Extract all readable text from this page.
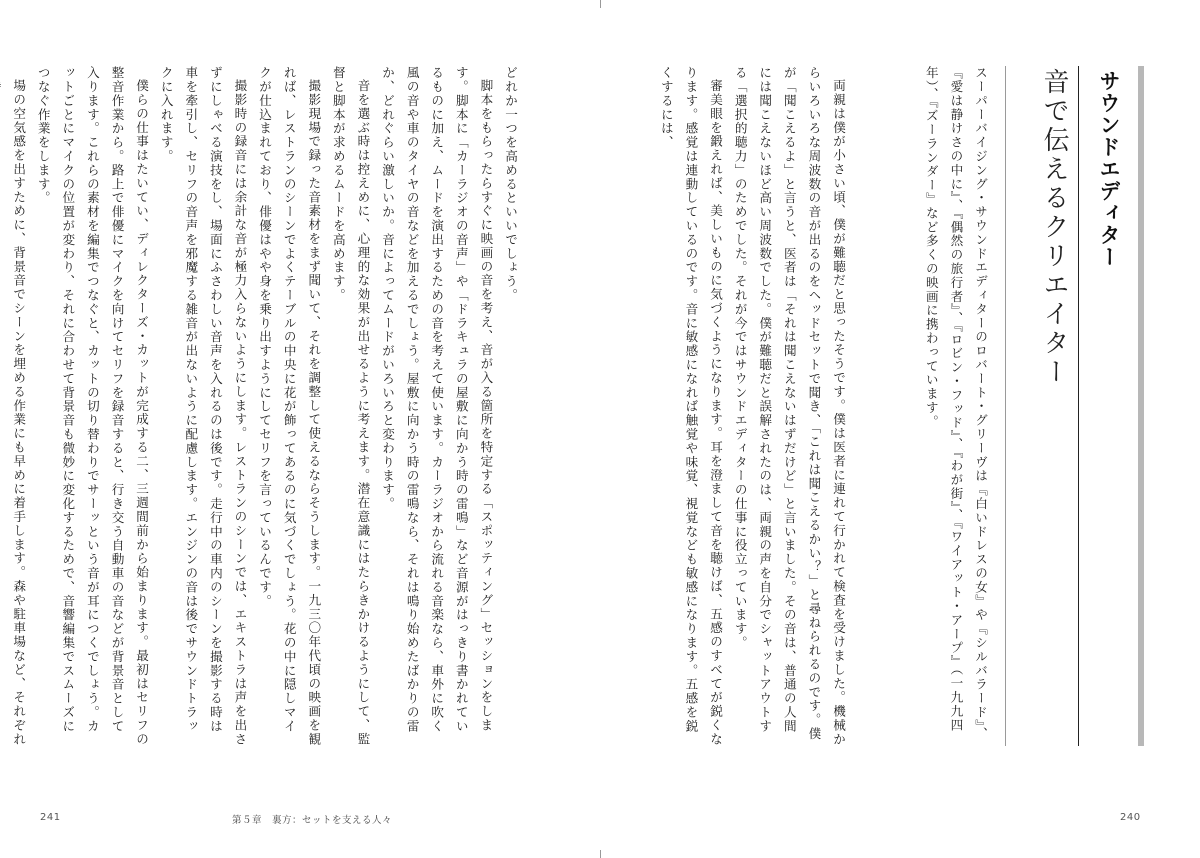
サウンドエディター
音で伝えるクリエイター

スーパーバイジング・サウンドエディターのロバート・グリーヴは『白いドレスの女』や『シルバラード』、『愛は静けさの中に』、『偶然の旅行者』、『ロビン・フッド』、『わが街』、『ワイアット・アープ』（一九九四年）、『ズーランダー』など多くの映画に携わっています。

両親は僕が小さい頃、僕が難聴だと思ったそうです。僕は医者に連れて行かれて検査を受けました。機械からいろいろな周波数の音が出るのをヘッドセットで聞き、「これは聞こえるかい？」と尋ねられるのです。僕が「聞こえるよ」と言うと、医者は「それは聞こえないはずだけど」と言いました。その音は、普通の人間には聞こえないほど高い周波数でした。僕が難聴だと誤解されたのは、両親の声を自分でシャットアウトする「選択的聴力」のためでした。それが今ではサウンドエディターの仕事に役立っています。

審美眼を鍛えれば、美しいものに気づくようになります。耳を澄まして音を聴けば、五感のすべてが鋭くなります。感覚は連動しているのです。音に敏感になれば触覚や味覚、視覚なども敏感になります。五感を鋭くするには、

どれか一つを高めるといいでしょう。

脚本をもらったらすぐに映画の音を考え、音が入る箇所を特定する「スポッティング」セッションをします。脚本に「カーラジオの音声」や「ドラキュラの屋敷に向かう時の雷鳴」など音源がはっきり書かれているものに加え、ムードを演出するための音を考えて使います。カーラジオから流れる音楽なら、車外に吹く風の音や車のタイヤの音などを加えるでしょう。屋敷に向かう時の雷鳴なら、それは鳴り始めたばかりの雷か、どれぐらい激しいか。音によってムードがいろいろと変わります。

音を選ぶ時は控えめに、心理的な効果が出せるように考えます。潜在意識にはたらきかけるようにして、監督と脚本が求めるムードを高めます。

撮影現場で録った音素材をまず聞いて、それを調整して使えるならそうします。一九三〇年代頃の映画を観れば、レストランのシーンでよくテーブルの中央に花が飾ってあるのに気づくでしょう。花の中に隠しマイクが仕込まれており、俳優はやや身を乗り出すようにしてセリフを言っているんです。

撮影時の録音には余計な音が極力入らないようにします。レストランのシーンでは、エキストラは声を出さずにしゃべる演技をし、場面にふさわしい音声を入れるのは後です。走行中の車内のシーンを撮影する時は車を牽引し、セリフの音声を邪魔する雑音が出ないように配慮します。エンジンの音は後でサウンドトラックに入れます。

僕らの仕事はたいてい、ディレクターズ・カットが完成する二、三週間前から始まります。最初はセリフの整音作業から。路上で俳優にマイクを向けてセリフを録音すると、行き交う自動車の音などが背景音として入ります。これらの素材を編集でつなぐと、カットの切り替わりでサーッという音が耳につくでしょう。カットごとにマイクの位置が変わり、それに合わせて背景音も微妙に変化するためで、音響編集でスムーズにつなぐ作業をします。

場の空気感を出すために、背景音でシーンを埋める作業にも早めに着手します。森や駐車場など、それぞれ

241	第５章　裏方：セットを支える人々	240
